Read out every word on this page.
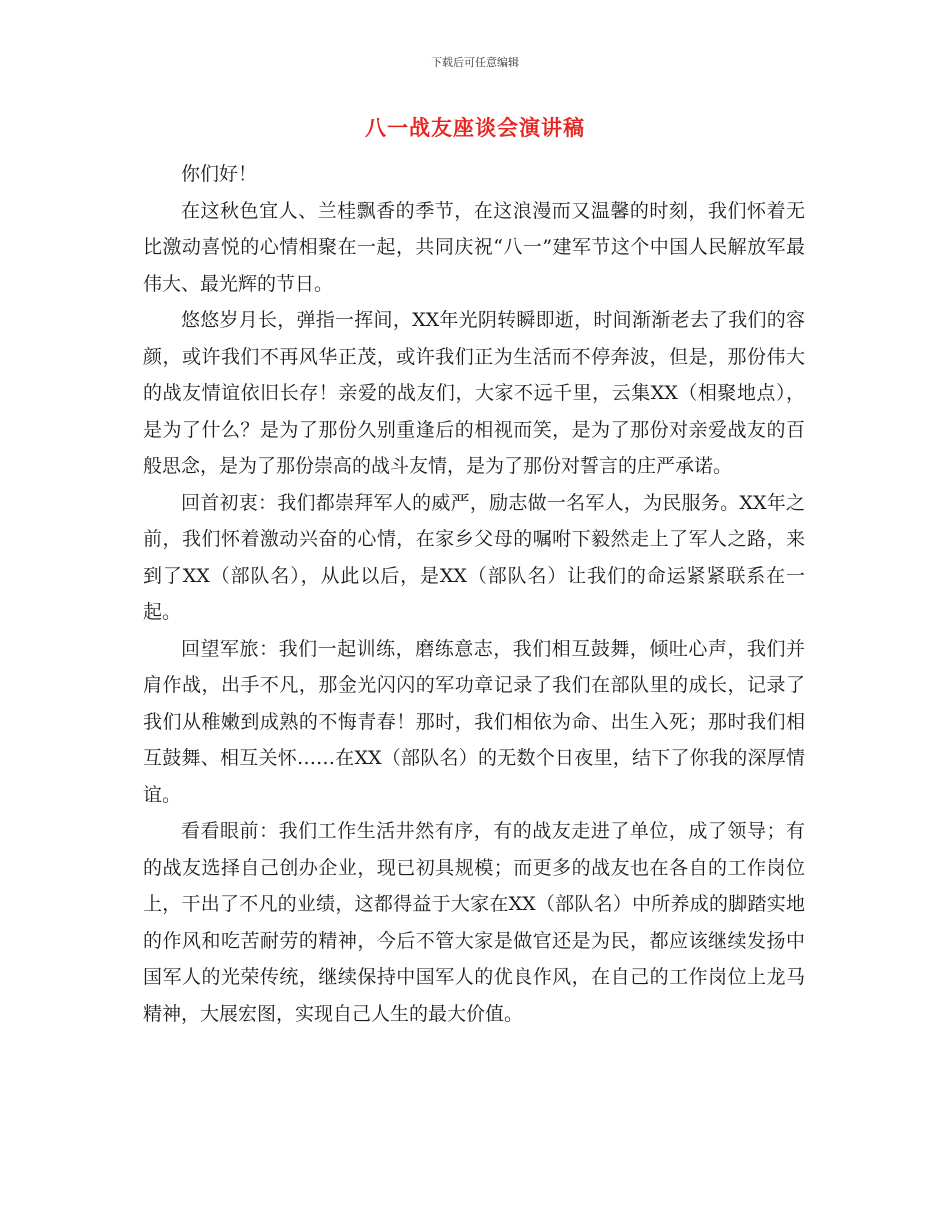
下载后可任意编辑
八一战友座谈会演讲稿

你们好！

在这秋色宜人、兰桂飘香的季节，在这浪漫而又温馨的时刻，我们怀着无比激动喜悦的心情相聚在一起，共同庆祝“八一”建军节这个中国人民解放军最伟大、最光辉的节日。

悠悠岁月长，弹指一挥间，XX年光阴转瞬即逝，时间渐渐老去了我们的容颜，或许我们不再风华正茂，或许我们正为生活而不停奔波，但是，那份伟大的战友情谊依旧长存！亲爱的战友们，大家不远千里，云集XX（相聚地点），是为了什么？是为了那份久别重逢后的相视而笑，是为了那份对亲爱战友的百般思念，是为了那份崇高的战斗友情，是为了那份对誓言的庄严承诺。

回首初衷：我们都崇拜军人的威严，励志做一名军人，为民服务。XX年之前，我们怀着激动兴奋的心情，在家乡父母的嘱咐下毅然走上了军人之路，来到了XX（部队名），从此以后，是XX（部队名）让我们的命运紧紧联系在一起。

回望军旅：我们一起训练，磨练意志，我们相互鼓舞，倾吐心声，我们并肩作战，出手不凡，那金光闪闪的军功章记录了我们在部队里的成长，记录了我们从稚嫩到成熟的不悔青春！那时，我们相依为命、出生入死；那时我们相互鼓舞、相互关怀……在XX（部队名）的无数个日夜里，结下了你我的深厚情谊。

看看眼前：我们工作生活井然有序，有的战友走进了单位，成了领导；有的战友选择自己创办企业，现已初具规模；而更多的战友也在各自的工作岗位上，干出了不凡的业绩，这都得益于大家在XX（部队名）中所养成的脚踏实地的作风和吃苦耐劳的精神，今后不管大家是做官还是为民，都应该继续发扬中国军人的光荣传统，继续保持中国军人的优良作风，在自己的工作岗位上龙马精神，大展宏图，实现自己人生的最大价值。
